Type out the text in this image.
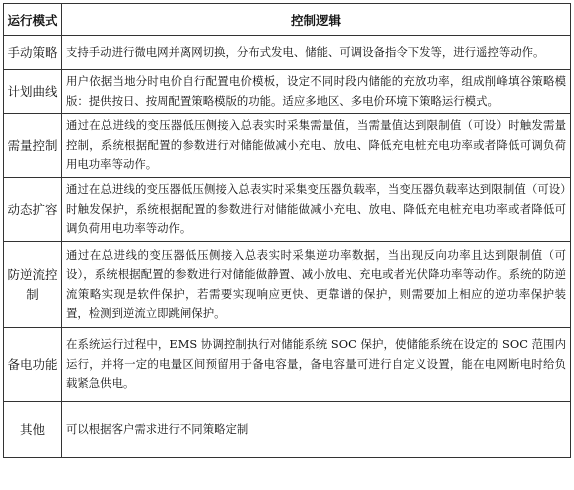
运行模式	控制逻辑
手动策略	支持手动进行微电网并离网切换，分布式发电、储能、可调设备指令下发等，进行遥控等动作。
计划曲线	用户依据当地分时电价自行配置电价模板，设定不同时段内储能的充放功率，组成削峰填谷策略模版：提供按日、按周配置策略模版的功能。适应多地区、多电价环境下策略运行模式。
需量控制	通过在总进线的变压器低压侧接入总表实时采集需量值，当需量值达到限制值（可设）时触发需量控制，系统根据配置的参数进行对储能做减小充电、放电、降低充电桩充电功率或者降低可调负荷用电功率等动作。
动态扩容	通过在总进线的变压器低压侧接入总表实时采集变压器负载率，当变压器负载率达到限制值（可设）时触发保护，系统根据配置的参数进行对储能做减小充电、放电、降低充电桩充电功率或者降低可调负荷用电功率等动作。
防逆流控制	通过在总进线的变压器低压侧接入总表实时采集逆功率数据，当出现反向功率且达到限制值（可设），系统根据配置的参数进行对储能做静置、减小放电、充电或者光伏降功率等动作。系统的防逆流策略实现是软件保护，若需要实现响应更快、更靠谱的保护，则需要加上相应的逆功率保护装置，检测到逆流立即跳闸保护。
备电功能	在系统运行过程中，EMS 协调控制执行对储能系统 SOC 保护，使储能系统在设定的 SOC 范围内运行，并将一定的电量区间预留用于备电容量，备电容量可进行自定义设置，能在电网断电时给负载紧急供电。
其他	可以根据客户需求进行不同策略定制
